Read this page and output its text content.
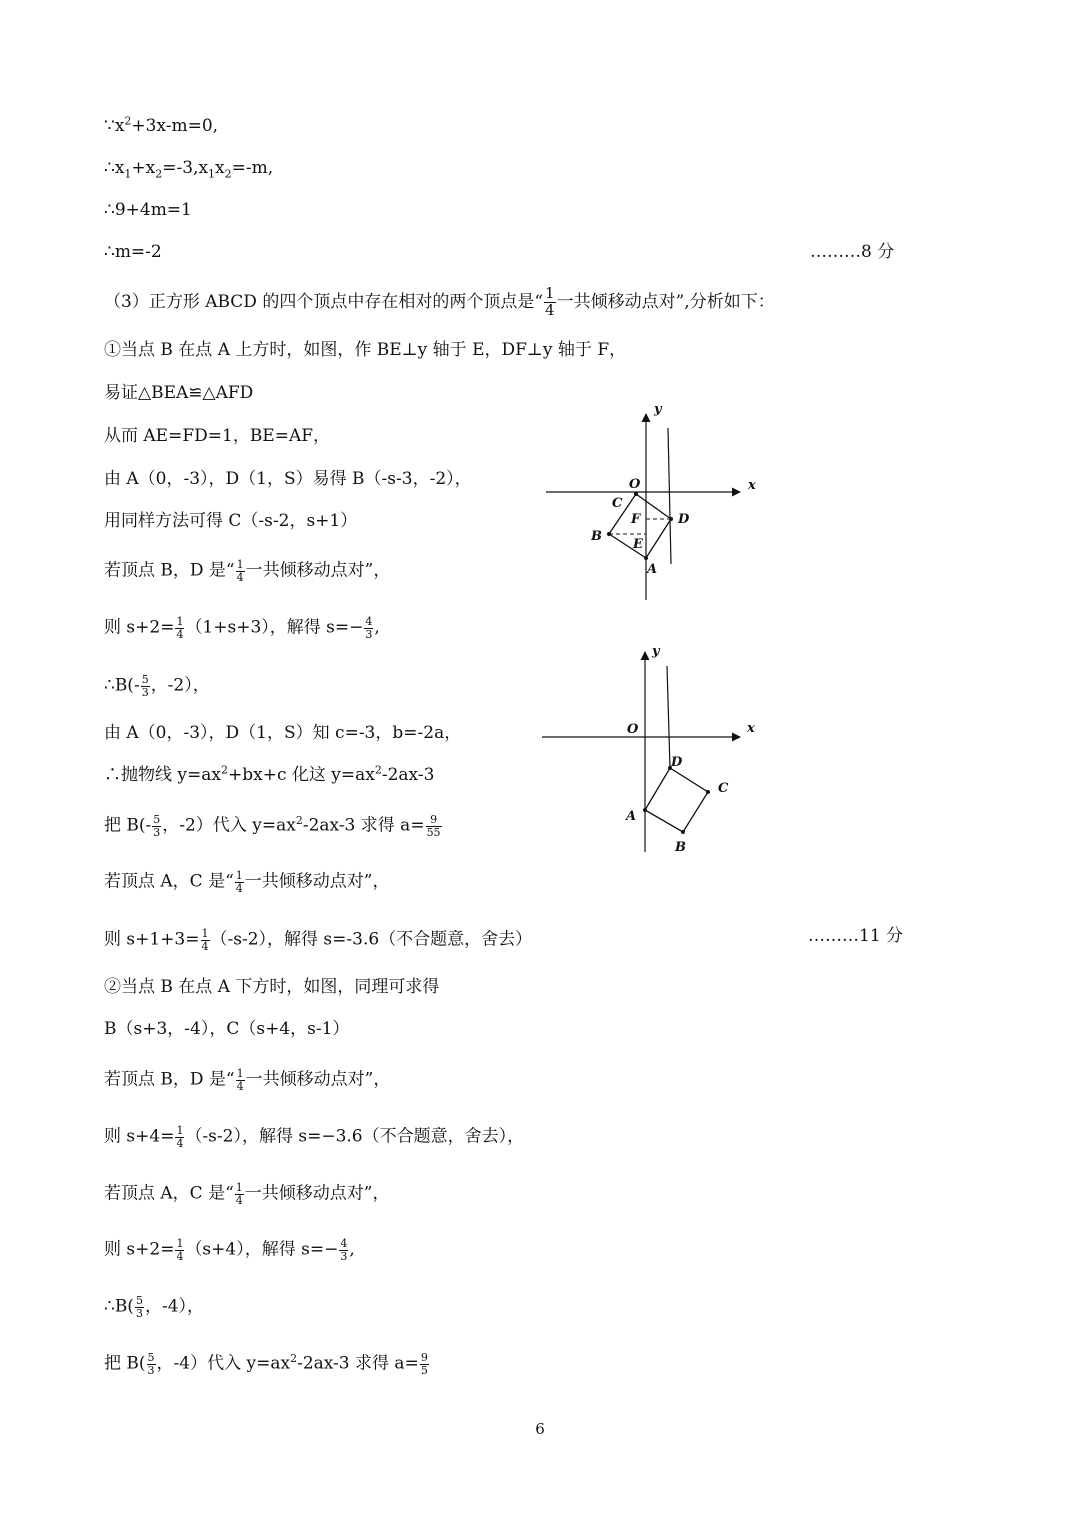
$\because x^2+3x-m=0$,
$\therefore x_1+x_2=-3,x_1x_2=-m$,
∴9+4m=1
∴m=-2	………8 分
（3）正方形 ABCD 的四个顶点中存在相对的两个顶点是“ $\frac{1}{4}$ 一共倾移动点对”,分析如下：
①当点 B 在点 A 上方时，如图，作 BE⊥y 轴于 E，DF⊥y 轴于 F，
易证△BEA≌△AFD
从而 AE=FD=1，BE=AF，
由 A（0，-3），D（1，S）易得 B（-s-3，-2），
用同样方法可得 C（-s-2，s+1）
若顶点 B，D 是“ $\frac{1}{4}$ 一共倾移动点对”，
则 $s+2= \frac{1}{4} (1+s+3)$，解得 $s=- \frac{4}{3}$ ,
∴B(- $\frac{5}{3}$ ，-2），
由 A（0，-3），D（1，S）知 c=-3，b=-2a，
∴抛物线 $y=ax^2+bx+c$ 化这 $y=ax^2-2ax-3$
把 $B(- \frac{5}{3}$ ，-2）代入 $y=ax^2-2ax-3$ 求得 $a= \frac{9}{55}$
若顶点 A，C 是“ $\frac{1}{4}$ 一共倾移动点对”，
则 $s+1+3= \frac{1}{4} (-s-2)$，解得 s=-3.6（不合题意，舍去）	………11 分
②当点 B 在点 A 下方时，如图，同理可求得
B（s+3，-4），C（s+4，s-1）
若顶点 B，D 是“ $\frac{1}{4}$ 一共倾移动点对”，
则 $s+4= \frac{1}{4} (-s-2)$，解得 s=−3.6（不合题意，舍去），
若顶点 A，C 是“ $\frac{1}{4}$ 一共倾移动点对”，
则 $s+2= \frac{1}{4} (s+4)$，解得 $s=- \frac{4}{3}$ ,
∴B( $\frac{5}{3}$ ，-4），
把 $B( \frac{5}{3}$ ，-4）代入 $y=ax^2-2ax-3$ 求得 $a= \frac{9}{5}$
x
y
O
C
F	D
B
E
A
x
y
O
D
C
A
B
6
